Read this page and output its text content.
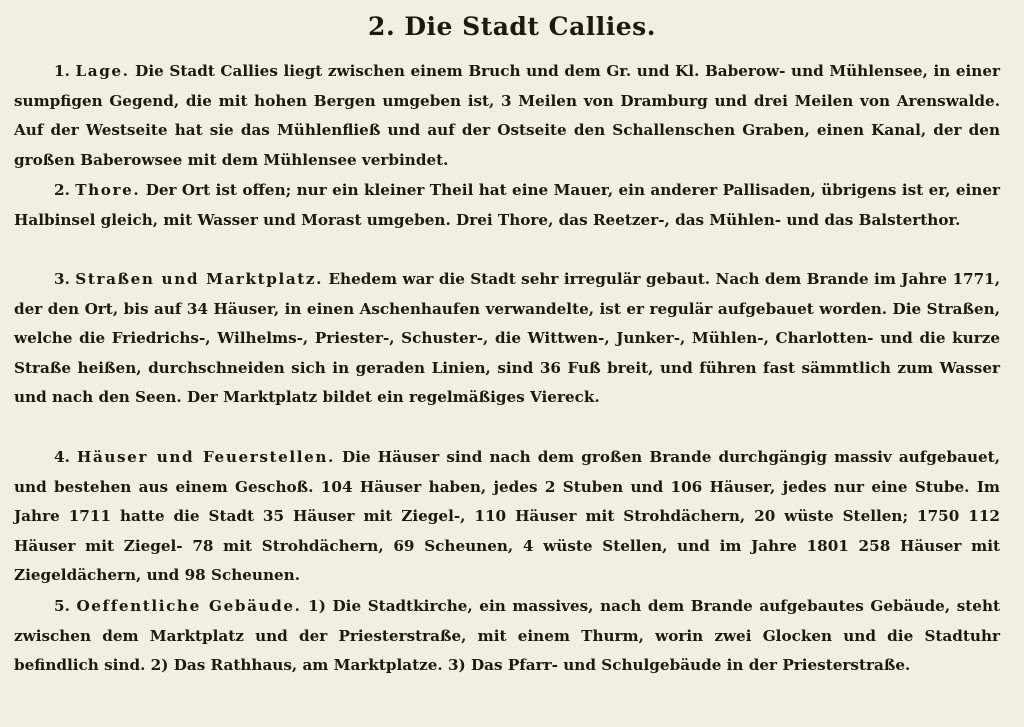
2. Die Stadt Callies.

1. Lage. Die Stadt Callies liegt zwischen einem Bruch und dem Gr. und Kl. Baberow- und Mühlensee, in einer sumpfigen Gegend, die mit hohen Bergen umgeben ist, 3 Meilen von Dramburg und drei Meilen von Arenswalde. Auf der Westseite hat sie das Mühlenfließ und auf der Ostseite den Schallenschen Graben, einen Kanal, der den großen Baberowsee mit dem Mühlensee verbindet.

2. Thore. Der Ort ist offen; nur ein kleiner Theil hat eine Mauer, ein anderer Pallisaden, übrigens ist er, einer Halbinsel gleich, mit Wasser und Morast umgeben. Drei Thore, das Reetzer-, das Mühlen- und das Balsterthor.

3. Straßen und Marktplatz. Ehedem war die Stadt sehr irregulär gebaut. Nach dem Brande im Jahre 1771, der den Ort, bis auf 34 Häuser, in einen Aschenhaufen verwandelte, ist er regulär aufgebauet worden. Die Straßen, welche die Friedrichs-, Wilhelms-, Priester-, Schuster-, die Wittwen-, Junker-, Mühlen-, Charlotten- und die kurze Straße heißen, durchschneiden sich in geraden Linien, sind 36 Fuß breit, und führen fast sämmtlich zum Wasser und nach den Seen. Der Marktplatz bildet ein regelmäßiges Viereck.

4. Häuser und Feuerstellen. Die Häuser sind nach dem großen Brande durchgängig massiv aufgebauet, und bestehen aus einem Geschoß. 104 Häuser haben, jedes 2 Stuben und 106 Häuser, jedes nur eine Stube. Im Jahre 1711 hatte die Stadt 35 Häuser mit Ziegel-, 110 Häuser mit Strohdächern, 20 wüste Stellen; 1750 112 Häuser mit Ziegel- 78 mit Strohdächern, 69 Scheunen, 4 wüste Stellen, und im Jahre 1801 258 Häuser mit Ziegeldächern, und 98 Scheunen.

5. Oeffentliche Gebäude. 1) Die Stadtkirche, ein massives, nach dem Brande aufgebautes Gebäude, steht zwischen dem Marktplatz und der Priesterstraße, mit einem Thurm, worin zwei Glocken und die Stadtuhr befindlich sind. 2) Das Rathhaus, am Marktplatze. 3) Das Pfarr- und Schulgebäude in der Priesterstraße.
